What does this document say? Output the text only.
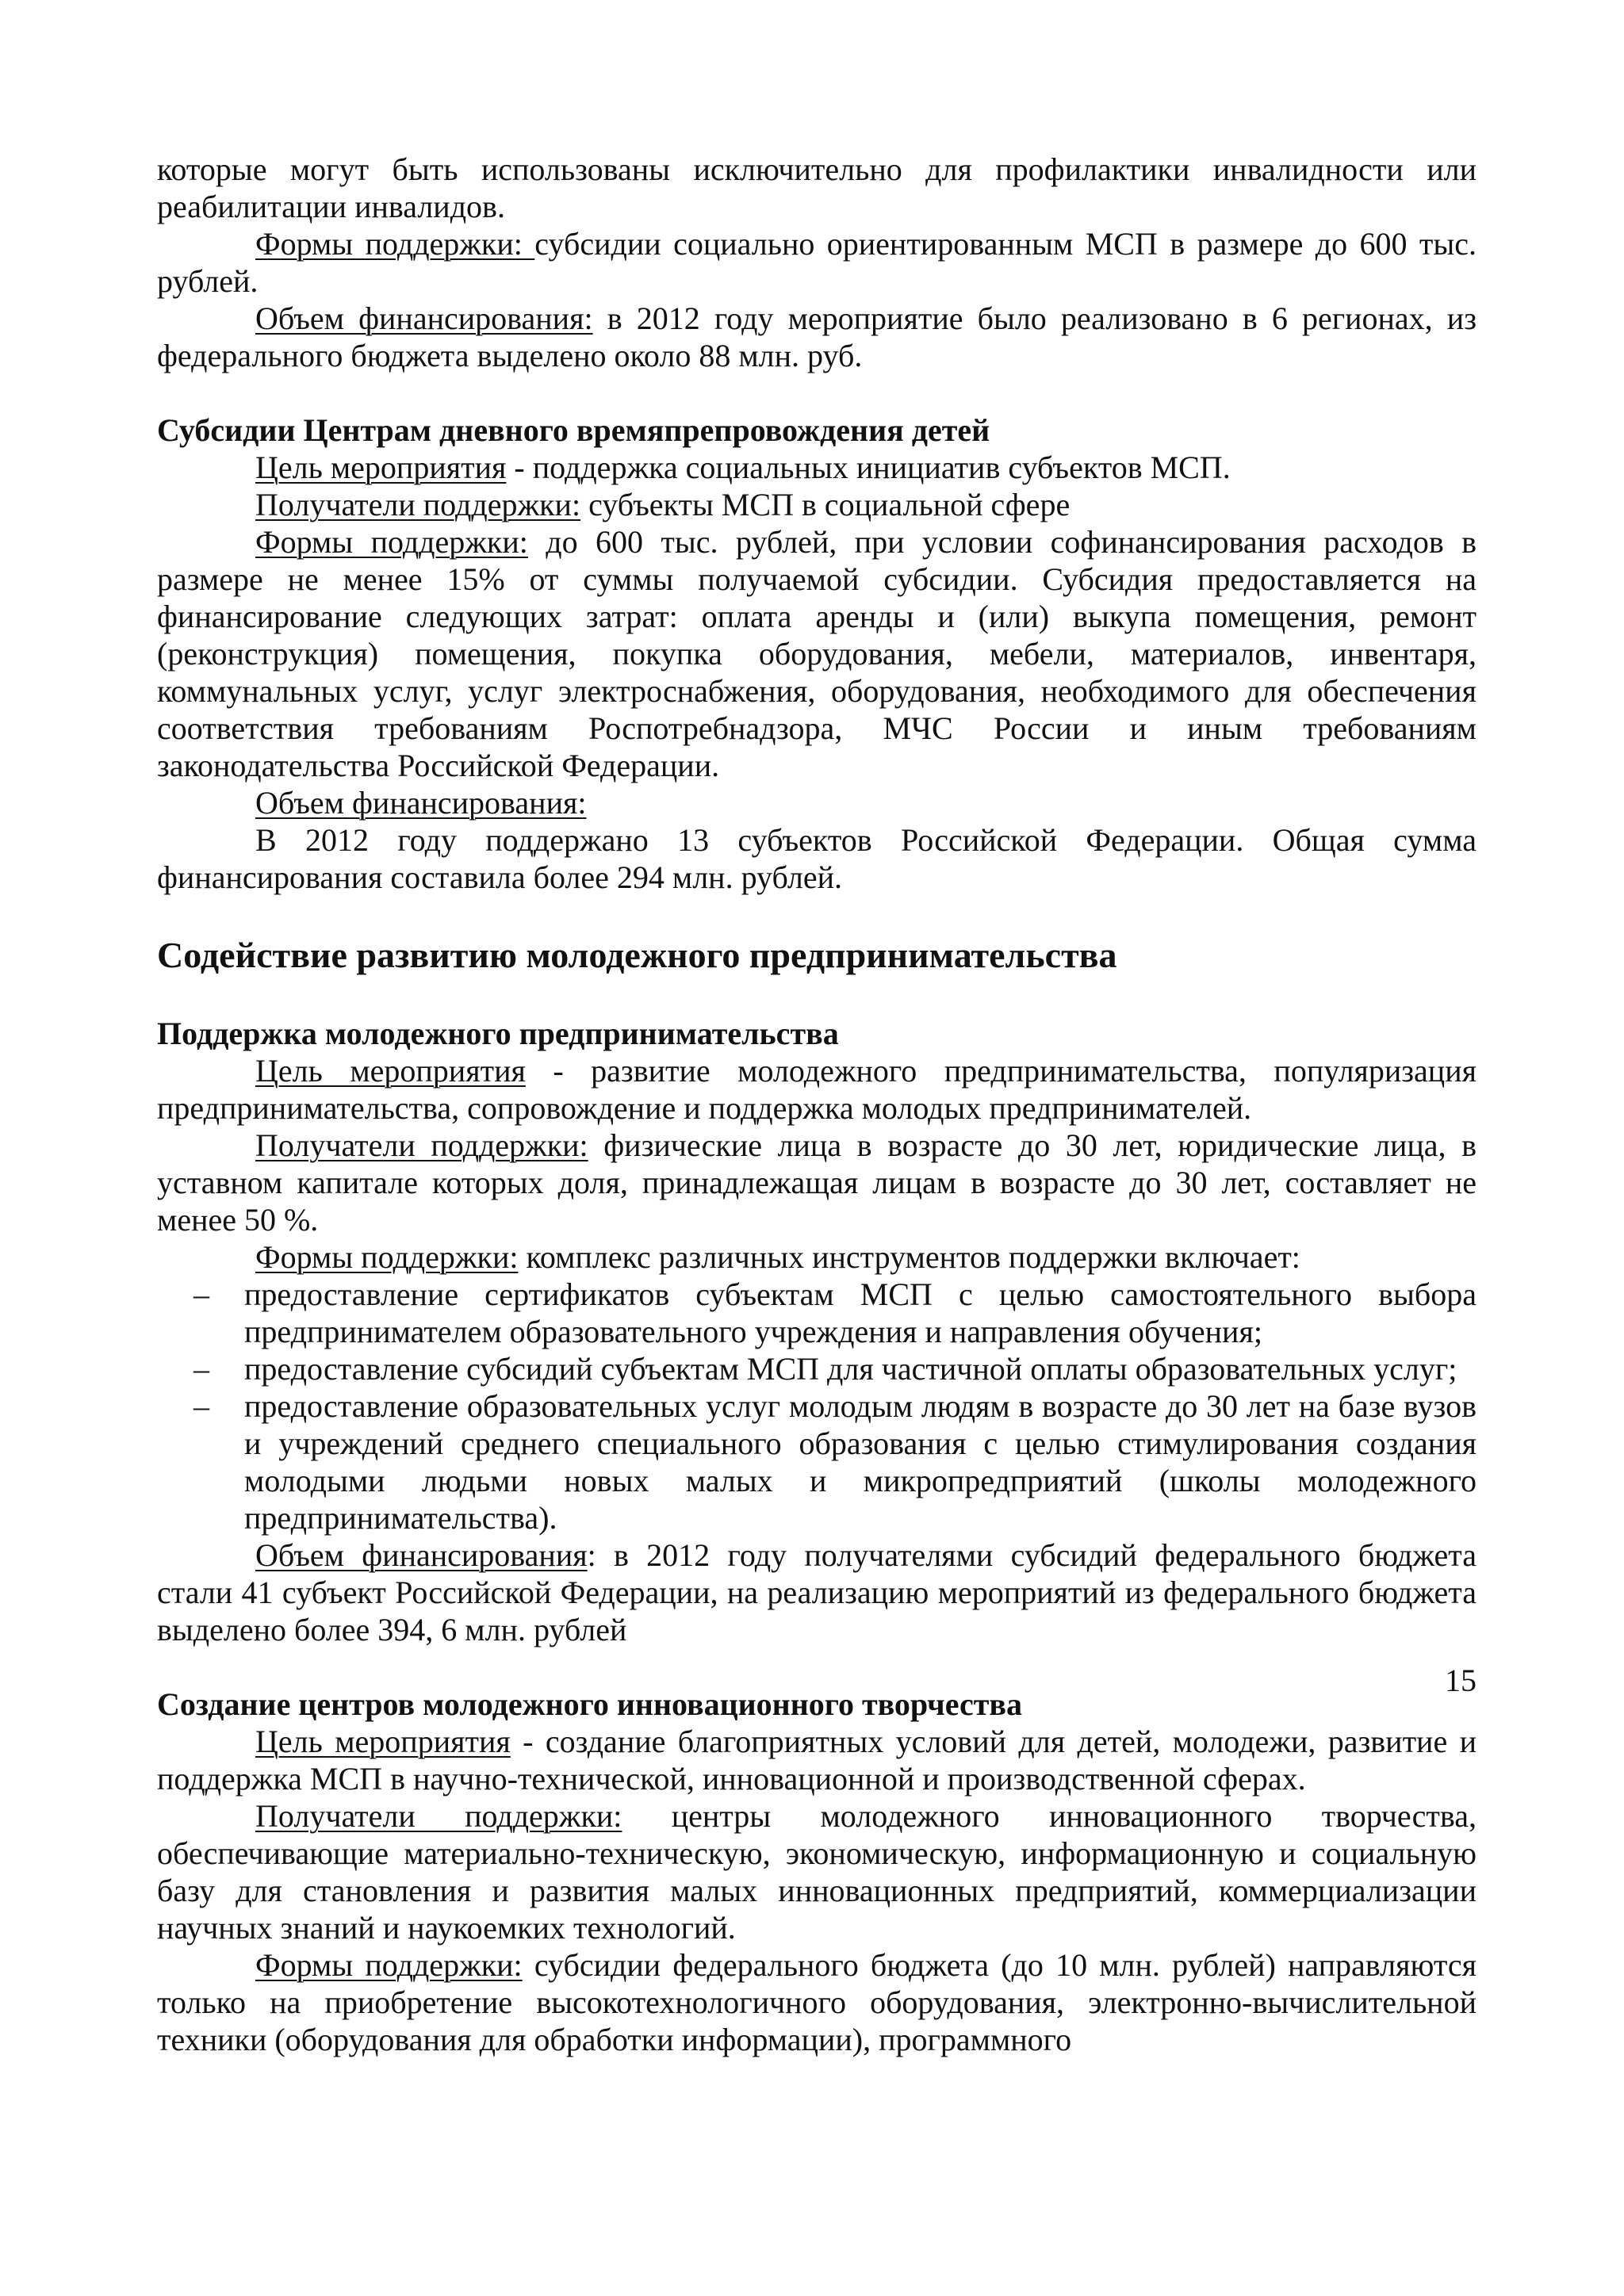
которые могут быть использованы исключительно для профилактики инвалидности или реабилитации инвалидов.

Формы поддержки: субсидии социально ориентированным МСП в размере до 600 тыс. рублей.

Объем финансирования: в 2012 году мероприятие было реализовано в 6 регионах, из федерального бюджета выделено около 88 млн. руб.

Субсидии Центрам дневного времяпрепровождения детей

Цель мероприятия - поддержка социальных инициатив субъектов МСП.

Получатели поддержки: субъекты МСП в социальной сфере

Формы поддержки: до 600 тыс. рублей, при условии софинансирования расходов в размере не менее 15% от суммы получаемой субсидии. Субсидия предоставляется на финансирование следующих затрат: оплата аренды и (или) выкупа помещения, ремонт (реконструкция) помещения, покупка оборудования, мебели, материалов, инвентаря, коммунальных услуг, услуг электроснабжения, оборудования, необходимого для обеспечения соответствия требованиям Роспотребнадзора, МЧС России и иным требованиям законодательства Российской Федерации.

Объем финансирования:

В 2012 году поддержано 13 субъектов Российской Федерации. Общая сумма финансирования составила более 294 млн. рублей.

Содействие развитию молодежного предпринимательства

Поддержка молодежного предпринимательства

Цель мероприятия - развитие молодежного предпринимательства, популяризация предпринимательства, сопровождение и поддержка молодых предпринимателей.

Получатели поддержки: физические лица в возрасте до 30 лет, юридические лица, в уставном капитале которых доля, принадлежащая лицам в возрасте до 30 лет, составляет не менее 50 %.

Формы поддержки: комплекс различных инструментов поддержки включает:

– предоставление сертификатов субъектам МСП с целью самостоятельного выбора предпринимателем образовательного учреждения и направления обучения;
– предоставление субсидий субъектам МСП для частичной оплаты образовательных услуг;
– предоставление образовательных услуг молодым людям в возрасте до 30 лет на базе вузов и учреждений среднего специального образования с целью стимулирования создания молодыми людьми новых малых и микропредприятий (школы молодежного предпринимательства).

Объем финансирования: в 2012 году получателями субсидий федерального бюджета стали 41 субъект Российской Федерации, на реализацию мероприятий из федерального бюджета выделено более 394, 6 млн. рублей

Создание центров молодежного инновационного творчества

Цель мероприятия - создание благоприятных условий для детей, молодежи, развитие и поддержка МСП в научно-технической, инновационной и производственной сферах.

Получатели поддержки: центры молодежного инновационного творчества, обеспечивающие материально-техническую, экономическую, информационную и социальную базу для становления и развития малых инновационных предприятий, коммерциализации научных знаний и наукоемких технологий.

Формы поддержки: субсидии федерального бюджета (до 10 млн. рублей) направляются только на приобретение высокотехнологичного оборудования, электронно-вычислительной техники (оборудования для обработки информации), программного

15
